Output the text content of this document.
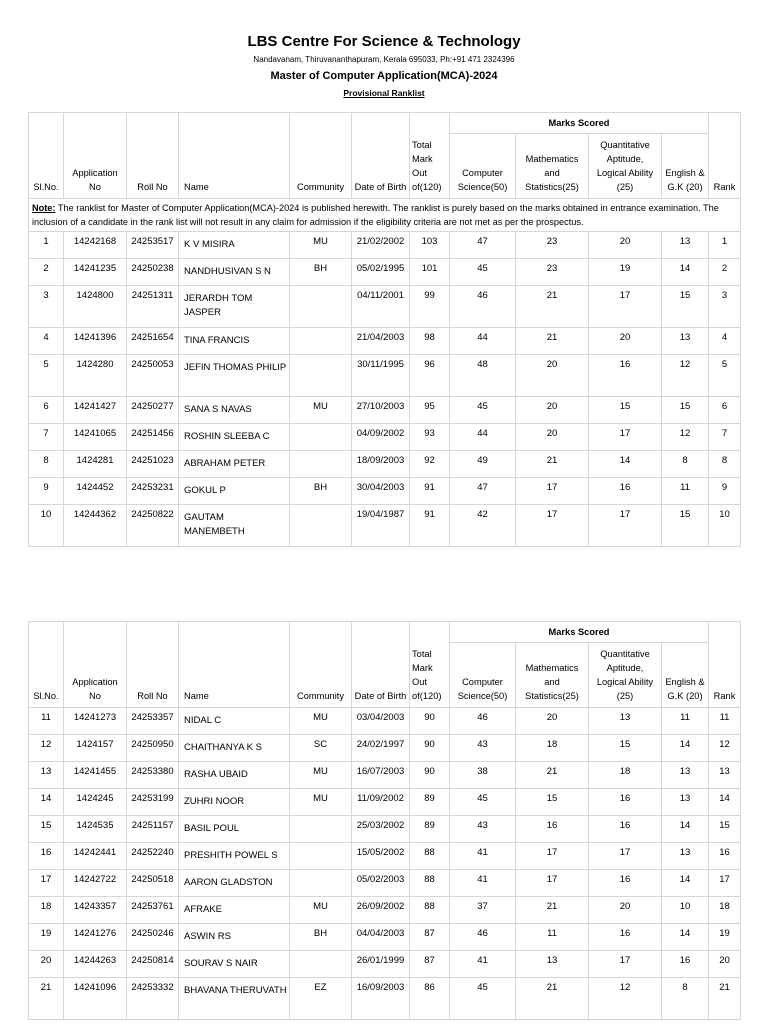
LBS Centre For Science & Technology
Nandavanam, Thiruvananthapuram, Kerala 695033, Ph:+91 471 2324396
Master of Computer Application(MCA)-2024
Provisional Ranklist
Sl.No.	Application No	Roll No	Name	Community	Date of Birth	Total Mark Out of(120)	Marks Scored				Rank
							Computer Science(50)	Mathematics and Statistics(25)	Quantitative Aptitude, Logical Ability (25)	English & G.K (20)	
Note: The ranklist for Master of Computer Application(MCA)-2024 is published herewith. The ranklist is purely based on the marks obtained in entrance examination. The inclusion of a candidate in the rank list will not result in any claim for admission if the eligibility criteria are not met as per the prospectus.											
1	14242168	24253517	K V MISIRA	MU	21/02/2002	103	47	23	20	13	1
2	14241235	24250238	NANDHUSIVAN S N	BH	05/02/1995	101	45	23	19	14	2
3	1424800	24251311	JERARDH TOM JASPER		04/11/2001	99	46	21	17	15	3
4	14241396	24251654	TINA FRANCIS		21/04/2003	98	44	21	20	13	4
5	1424280	24250053	JEFIN THOMAS PHILIP		30/11/1995	96	48	20	16	12	5
6	14241427	24250277	SANA S NAVAS	MU	27/10/2003	95	45	20	15	15	6
7	14241065	24251456	ROSHIN SLEEBA C		04/09/2002	93	44	20	17	12	7
8	1424281	24251023	ABRAHAM PETER		18/09/2003	92	49	21	14	8	8
9	1424452	24253231	GOKUL P	BH	30/04/2003	91	47	17	16	11	9
10	14244362	24250822	GAUTAM MANEMBETH		19/04/1987	91	42	17	17	15	10
Sl.No.	Application No	Roll No	Name	Community	Date of Birth	Total Mark Out of(120)	Marks Scored				Rank
							Computer Science(50)	Mathematics and Statistics(25)	Quantitative Aptitude, Logical Ability (25)	English & G.K (20)	
11	14241273	24253357	NIDAL C	MU	03/04/2003	90	46	20	13	11	11
12	1424157	24250950	CHAITHANYA K S	SC	24/02/1997	90	43	18	15	14	12
13	14241455	24253380	RASHA UBAID	MU	16/07/2003	90	38	21	18	13	13
14	1424245	24253199	ZUHRI NOOR	MU	11/09/2002	89	45	15	16	13	14
15	1424535	24251157	BASIL POUL		25/03/2002	89	43	16	16	14	15
16	14242441	24252240	PRESHITH POWEL S		15/05/2002	88	41	17	17	13	16
17	14242722	24250518	AARON GLADSTON		05/02/2003	88	41	17	16	14	17
18	14243357	24253761	AFRAKE	MU	26/09/2002	88	37	21	20	10	18
19	14241276	24250246	ASWIN RS	BH	04/04/2003	87	46	11	16	14	19
20	14244263	24250814	SOURAV S NAIR		26/01/1999	87	41	13	17	16	20
21	14241096	24253332	BHAVANA THERUVATH	EZ	16/09/2003	86	45	21	12	8	21
